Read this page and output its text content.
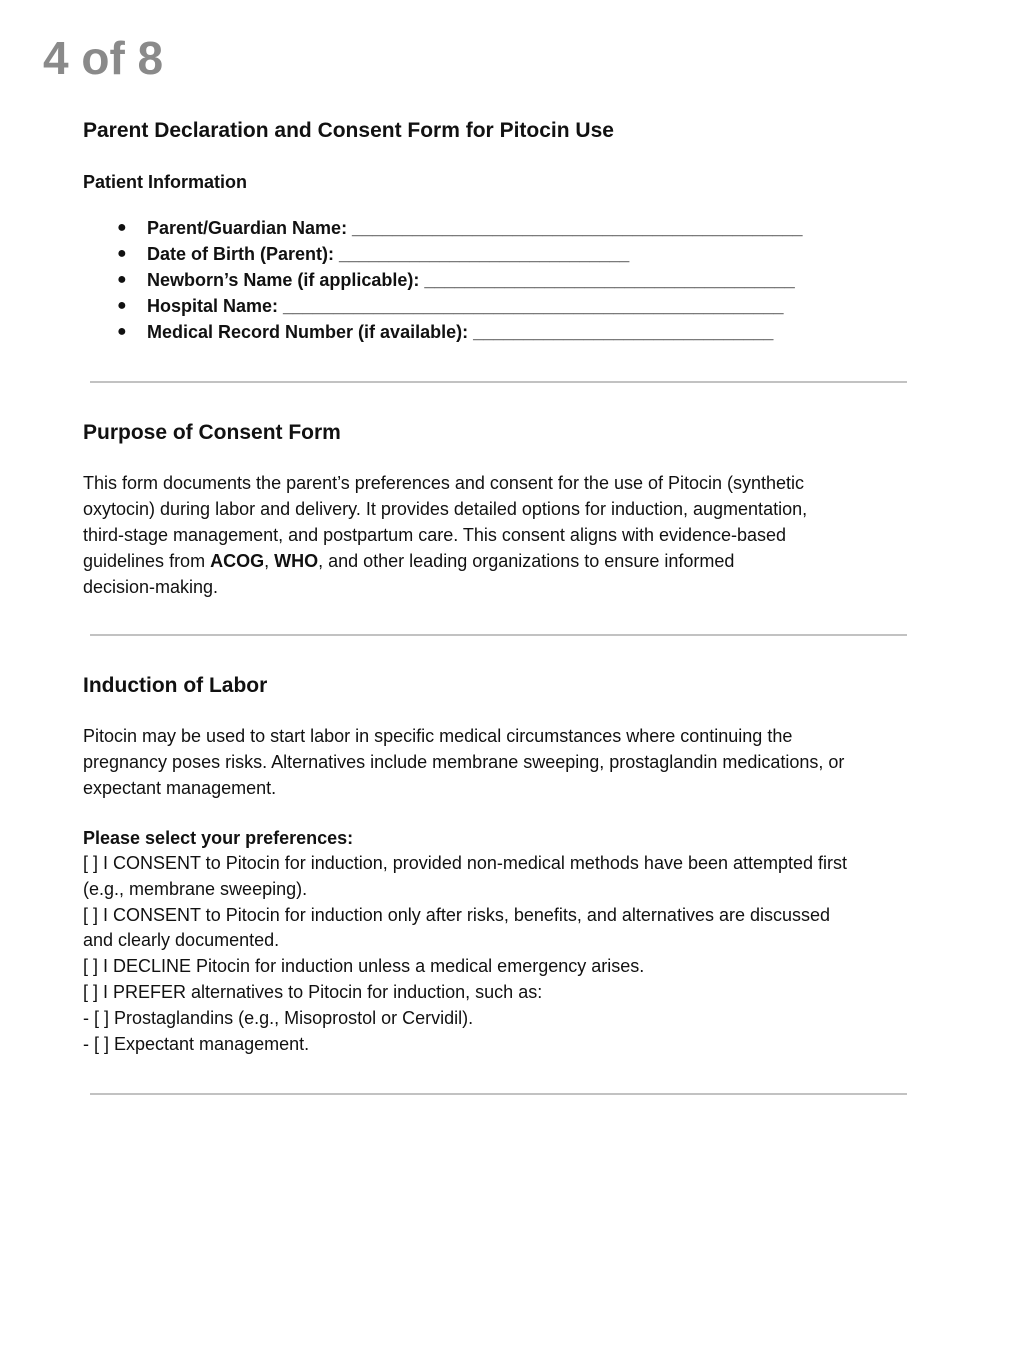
4 of 8
Parent Declaration and Consent Form for Pitocin Use
Patient Information
● Parent/Guardian Name: _____________________________________________
● Date of Birth (Parent): _____________________________
● Newborn’s Name (if applicable): _____________________________________
● Hospital Name: __________________________________________________
● Medical Record Number (if available): ______________________________
Purpose of Consent Form
This form documents the parent’s preferences and consent for the use of Pitocin (synthetic
oxytocin) during labor and delivery. It provides detailed options for induction, augmentation,
third-stage management, and postpartum care. This consent aligns with evidence-based
guidelines from ACOG, WHO, and other leading organizations to ensure informed
decision-making.
Induction of Labor
Pitocin may be used to start labor in specific medical circumstances where continuing the
pregnancy poses risks. Alternatives include membrane sweeping, prostaglandin medications, or
expectant management.
Please select your preferences:
[ ] I CONSENT to Pitocin for induction, provided non-medical methods have been attempted first
(e.g., membrane sweeping).
[ ] I CONSENT to Pitocin for induction only after risks, benefits, and alternatives are discussed
and clearly documented.
[ ] I DECLINE Pitocin for induction unless a medical emergency arises.
[ ] I PREFER alternatives to Pitocin for induction, such as:
- [ ] Prostaglandins (e.g., Misoprostol or Cervidil).
- [ ] Expectant management.
